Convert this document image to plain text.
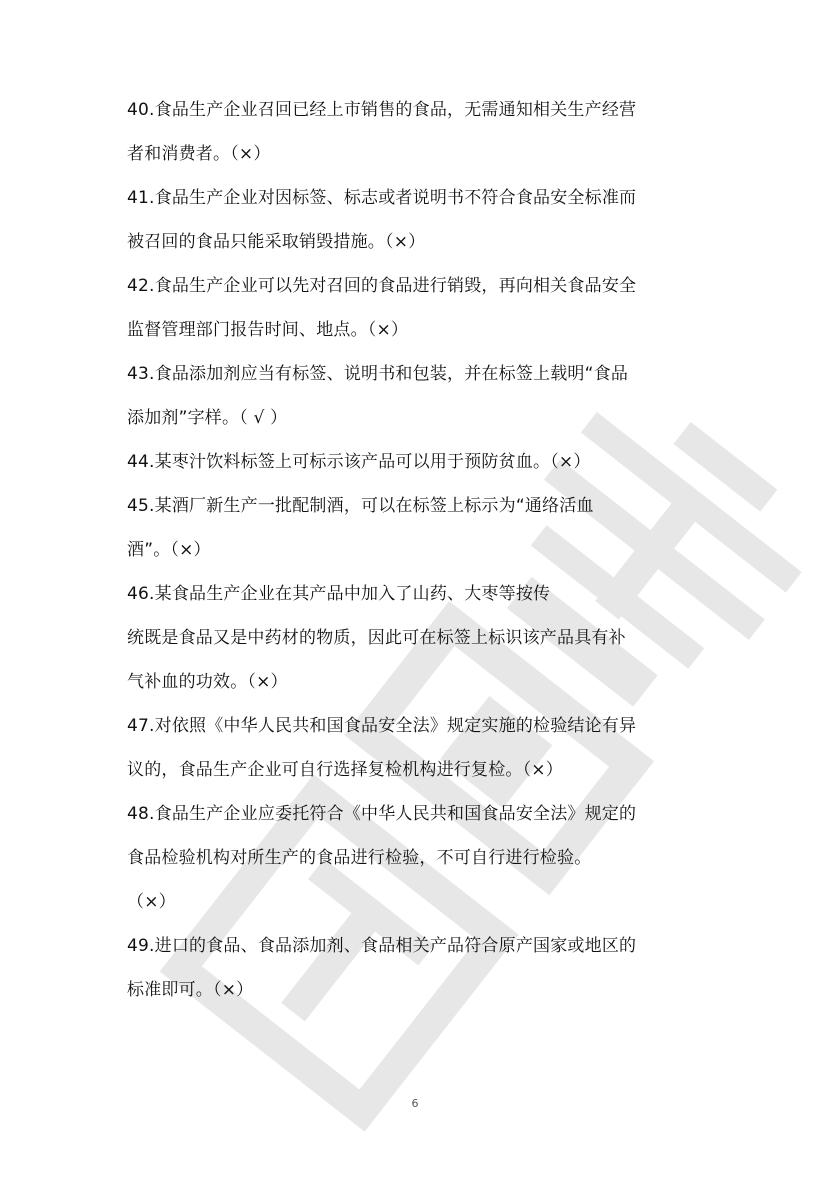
40.食品生产企业召回已经上市销售的食品，无需通知相关生产经营
者和消费者。（×）
41.食品生产企业对因标签、标志或者说明书不符合食品安全标准而
被召回的食品只能采取销毁措施。（×）
42.食品生产企业可以先对召回的食品进行销毁，再向相关食品安全
监督管理部门报告时间、地点。（×）
43.食品添加剂应当有标签、说明书和包装，并在标签上载明“食品
添加剂”字样。（ √ ）
44.某枣汁饮料标签上可标示该产品可以用于预防贫血。（×）
45.某酒厂新生产一批配制酒，可以在标签上标示为“通络活血
酒”。（×）
46.某食品生产企业在其产品中加入了山药、大枣等按传
统既是食品又是中药材的物质，因此可在标签上标识该产品具有补
气补血的功效。（×）
47.对依照《中华人民共和国食品安全法》规定实施的检验结论有异
议的，食品生产企业可自行选择复检机构进行复检。（×）
48.食品生产企业应委托符合《中华人民共和国食品安全法》规定的
食品检验机构对所生产的食品进行检验，不可自行进行检验。
（×）
49.进口的食品、食品添加剂、食品相关产品符合原产国家或地区的
标准即可。（×）
6
